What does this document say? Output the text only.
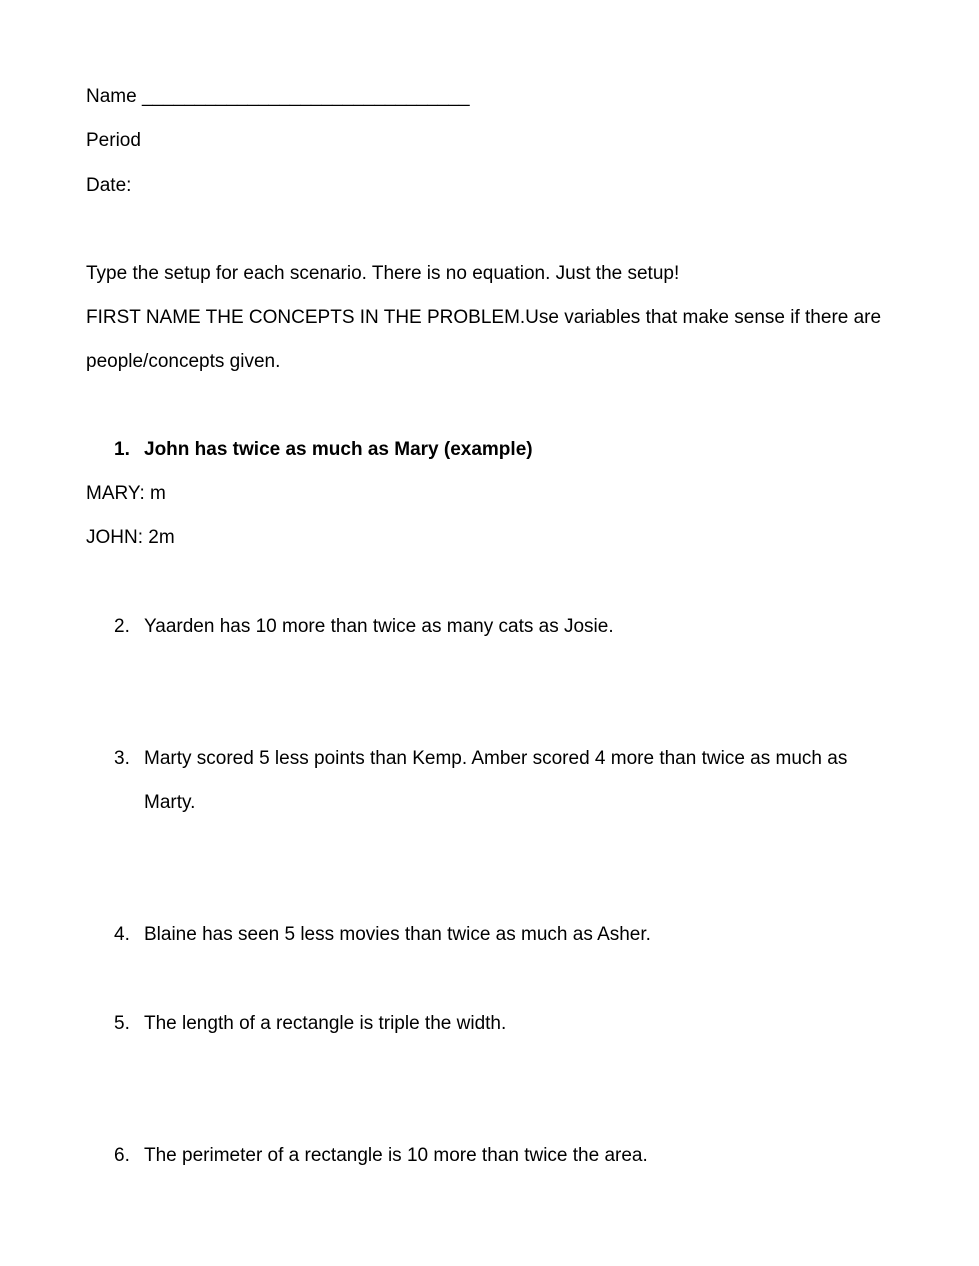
Name _______________________________
Period
Date:
Type the setup for each scenario. There is no equation. Just the setup!
FIRST NAME THE CONCEPTS IN THE PROBLEM.Use variables that make sense if there are
people/concepts given.
1. John has twice as much as Mary (example)
MARY: m
JOHN: 2m
2. Yaarden has 10 more than twice as many cats as Josie.
3. Marty scored 5 less points than Kemp. Amber scored 4 more than twice as much as
Marty.
4. Blaine has seen 5 less movies than twice as much as Asher.
5. The length of a rectangle is triple the width.
6. The perimeter of a rectangle is 10 more than twice the area.
